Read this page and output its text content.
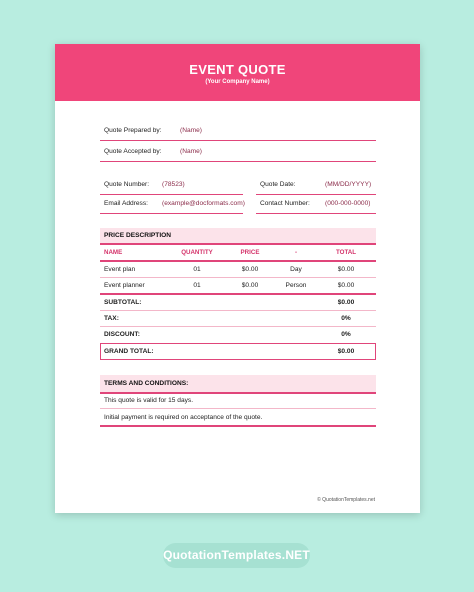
EVENT QUOTE
(Your Company Name)
Quote Prepared by:	(Name)
Quote Accepted by:	(Name)
Quote Number: (78523)	Quote Date:	(MM/DD/YYYY)
Email Address: (example@docformats.com) Contact Number: (000-000-0000)
PRICE DESCRIPTION
NAME	QUANTITY	PRICE	-	TOTAL
Event plan	01	$0.00	Day	$0.00
Event planner	01	$0.00	Person	$0.00
SUBTOTAL:	$0.00
TAX:	0%
DISCOUNT:	0%
GRAND TOTAL:	$0.00
TERMS AND CONDITIONS:
This quote is valid for 15 days.
Initial payment is required on acceptance of the quote.
© QuotationTemplates.net
QuotationTemplates.NET
